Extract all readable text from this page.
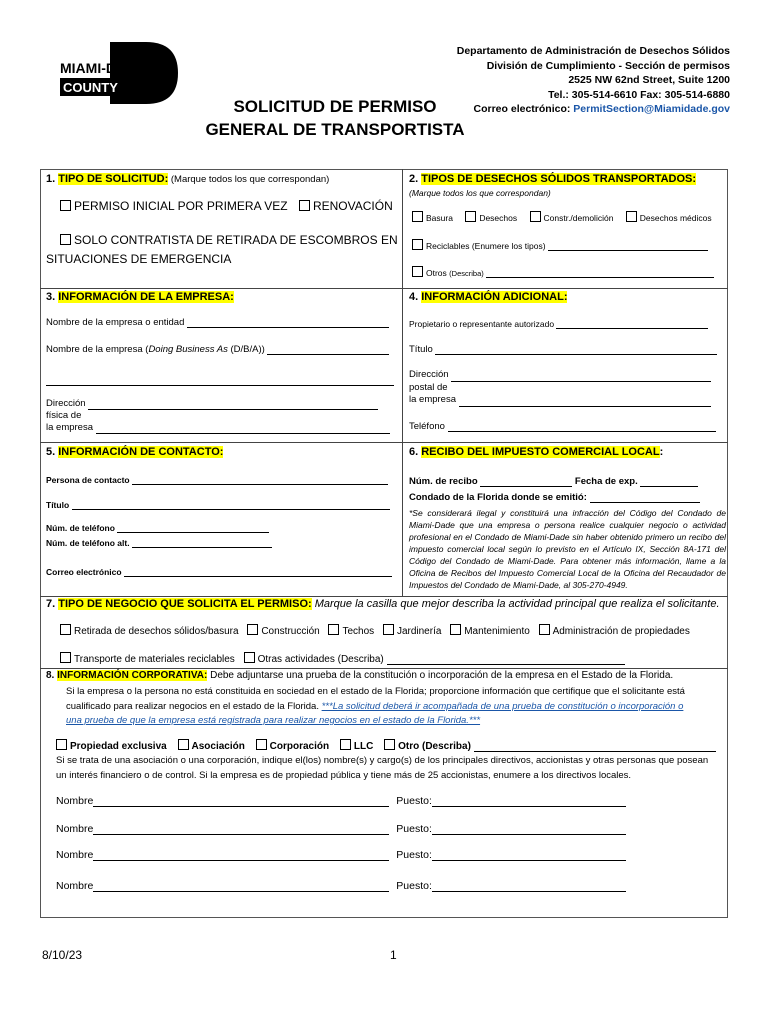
MIAMI-DADE
COUNTY
Departamento de Administración de Desechos Sólidos
División de Cumplimiento - Sección de permisos
2525 NW 62nd Street, Suite 1200
Tel.: 305-514-6610 Fax: 305-514-6880
Correo electrónico: PermitSection@Miamidade.gov
SOLICITUD DE PERMISO
GENERAL DE TRANSPORTISTA
1. TIPO DE SOLICITUD: (Marque todos los que correspondan)
PERMISO INICIAL POR PRIMERA VEZ RENOVACIÓN
SOLO CONTRATISTA DE RETIRADA DE ESCOMBROS EN
SITUACIONES DE EMERGENCIA
2. TIPOS DE DESECHOS SÓLIDOS TRANSPORTADOS:
(Marque todos los que correspondan)
Basura	Desechos	Constr./demolición	Desechos médicos
Reciclables (Enumere los tipos)
Otros (Describa)
3. INFORMACIÓN DE LA EMPRESA:
Nombre de la empresa o entidad
Nombre de la empresa (Doing Business As (D/B/A))
Dirección
física de
la empresa
4. INFORMACIÓN ADICIONAL:
Propietario o representante autorizado
Título
Dirección
postal de
la empresa
Teléfono
5. INFORMACIÓN DE CONTACTO:
Persona de contacto
Título
Núm. de teléfono
Núm. de teléfono alt.
Correo electrónico
6. RECIBO DEL IMPUESTO COMERCIAL LOCAL:
Núm. de recibo	Fecha de exp.
Condado de la Florida donde se emitió:
*Se considerará ilegal y constituirá una infracción del Código del Condado de Miami-Dade que una empresa o persona realice cualquier negocio o actividad profesional en el Condado de Miami-Dade sin haber obtenido primero un recibo del impuesto comercial local según lo previsto en el Artículo IX, Sección 8A-171 del Código del Condado de Miami-Dade. Para obtener más información, llame a la Oficina de Recibos del Impuesto Comercial Local de la Oficina del Recaudador de Impuestos del Condado de Miami-Dade, al 305-270-4949.
7. TIPO DE NEGOCIO QUE SOLICITA EL PERMISO: Marque la casilla que mejor describa la actividad principal que realiza el solicitante.
Retirada de desechos sólidos/basura Construcción Techos Jardinería Mantenimiento Administración de propiedades
Transporte de materiales reciclables Otras actividades (Describa)
8. INFORMACIÓN CORPORATIVA: Debe adjuntarse una prueba de la constitución o incorporación de la empresa en el Estado de la Florida.
Si la empresa o la persona no está constituida en sociedad en el estado de la Florida; proporcione información que certifique que el solicitante está
cualificado para realizar negocios en el estado de la Florida. ***La solicitud deberá ir acompañada de una prueba de constitución o incorporación o
una prueba de que la empresa está registrada para realizar negocios en el estado de la Florida.***
Propiedad exclusiva Asociación Corporación LLC Otro (Describa)
Si se trata de una asociación o una corporación, indique el(los) nombre(s) y cargo(s) de los principales directivos, accionistas y otras personas que posean
un interés financiero o de control. Si la empresa es de propiedad pública y tiene más de 25 accionistas, enumere a los directivos locales.
Nombre	Puesto:
Nombre	Puesto:
Nombre	Puesto:
Nombre	Puesto:
8/10/23	1
